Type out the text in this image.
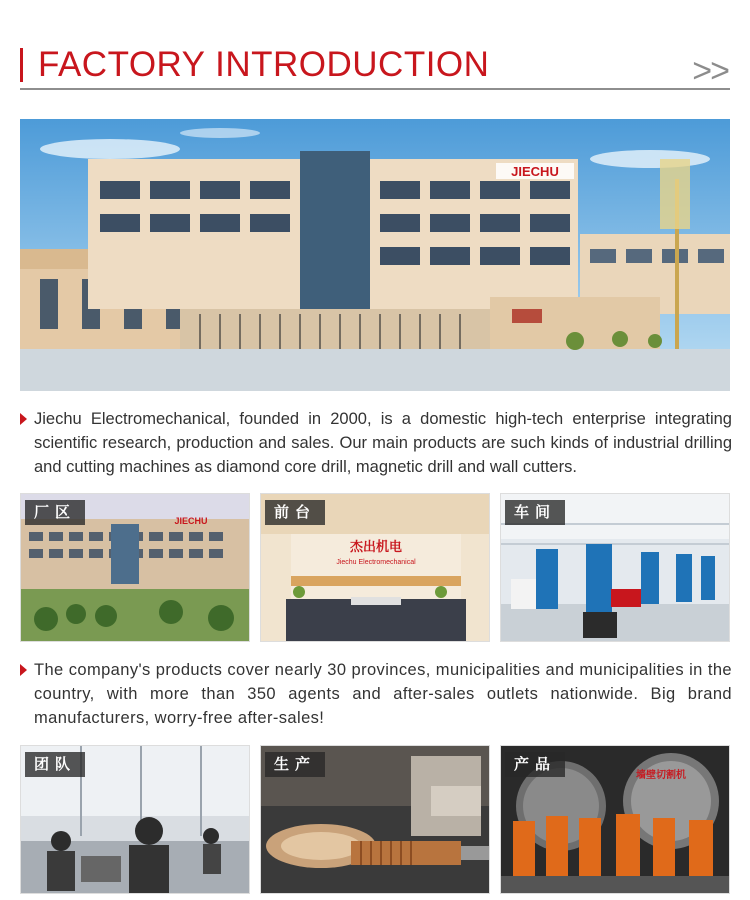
FACTORY INTRODUCTION	>>
JIECHU
Jiechu Electromechanical, founded in 2000, is a domestic high-tech enterprise integrating scientific research, production and sales. Our main products are such kinds of industrial drilling and cutting machines as diamond core drill, magnetic drill and wall cutters.
JIECHU
厂区
杰出机电
Jiechu Electromechanical
前台	车间
The company's products cover nearly 30 provinces, municipalities and municipalities in the country, with more than 350 agents and after-sales outlets nationwide. Big brand manufacturers, worry-free after-sales!
团队	生产
墙壁切割机
产品
